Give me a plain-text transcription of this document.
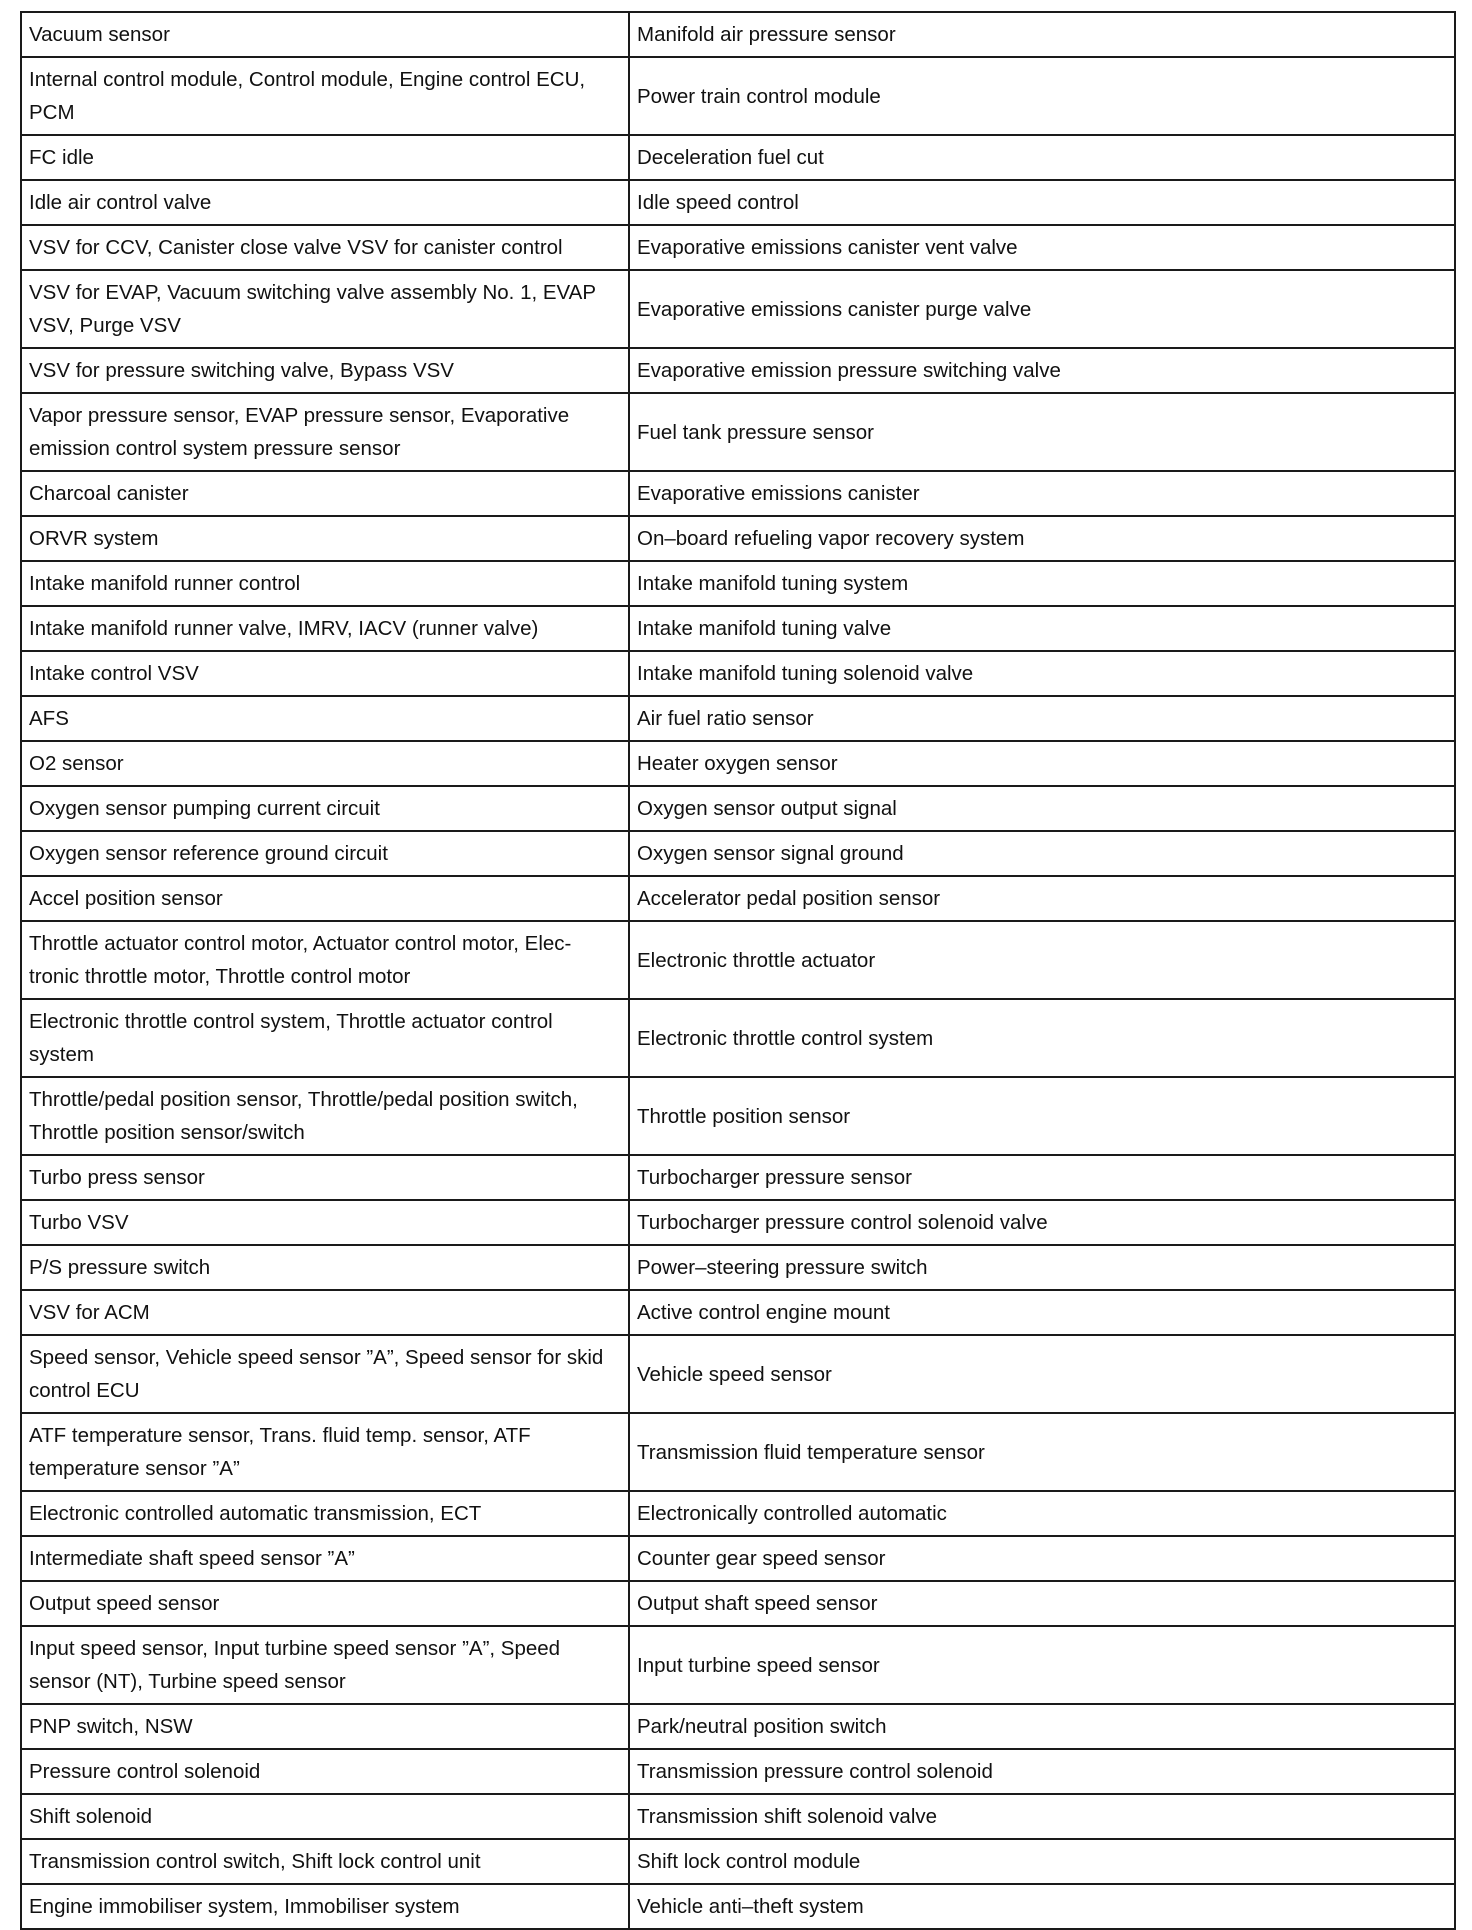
Vacuum sensor	Manifold air pressure sensor
Internal control module, Control module, Engine control ECU, PCM	Power train control module
FC idle	Deceleration fuel cut
Idle air control valve	Idle speed control
VSV for CCV, Canister close valve VSV for canister control	Evaporative emissions canister vent valve
VSV for EVAP, Vacuum switching valve assembly No. 1, EVAP VSV, Purge VSV	Evaporative emissions canister purge valve
VSV for pressure switching valve, Bypass VSV	Evaporative emission pressure switching valve
Vapor pressure sensor, EVAP pressure sensor, Evaporative emission control system pressure sensor	Fuel tank pressure sensor
Charcoal canister	Evaporative emissions canister
ORVR system	On–board refueling vapor recovery system
Intake manifold runner control	Intake manifold tuning system
Intake manifold runner valve, IMRV, IACV (runner valve)	Intake manifold tuning valve
Intake control VSV	Intake manifold tuning solenoid valve
AFS	Air fuel ratio sensor
O2 sensor	Heater oxygen sensor
Oxygen sensor pumping current circuit	Oxygen sensor output signal
Oxygen sensor reference ground circuit	Oxygen sensor signal ground
Accel position sensor	Accelerator pedal position sensor
Throttle actuator control motor, Actuator control motor, Elec- tronic throttle motor, Throttle control motor	Electronic throttle actuator
Electronic throttle control system, Throttle actuator control system	Electronic throttle control system
Throttle/pedal position sensor, Throttle/pedal position switch, Throttle position sensor/switch	Throttle position sensor
Turbo press sensor	Turbocharger pressure sensor
Turbo VSV	Turbocharger pressure control solenoid valve
P/S pressure switch	Power–steering pressure switch
VSV for ACM	Active control engine mount
Speed sensor, Vehicle speed sensor ”A”, Speed sensor for skid control ECU	Vehicle speed sensor
ATF temperature sensor, Trans. fluid temp. sensor, ATF temperature sensor ”A”	Transmission fluid temperature sensor
Electronic controlled automatic transmission, ECT	Electronically controlled automatic
Intermediate shaft speed sensor ”A”	Counter gear speed sensor
Output speed sensor	Output shaft speed sensor
Input speed sensor, Input turbine speed sensor ”A”, Speed sensor (NT), Turbine speed sensor	Input turbine speed sensor
PNP switch, NSW	Park/neutral position switch
Pressure control solenoid	Transmission pressure control solenoid
Shift solenoid	Transmission shift solenoid valve
Transmission control switch, Shift lock control unit	Shift lock control module
Engine immobiliser system, Immobiliser system	Vehicle anti–theft system
